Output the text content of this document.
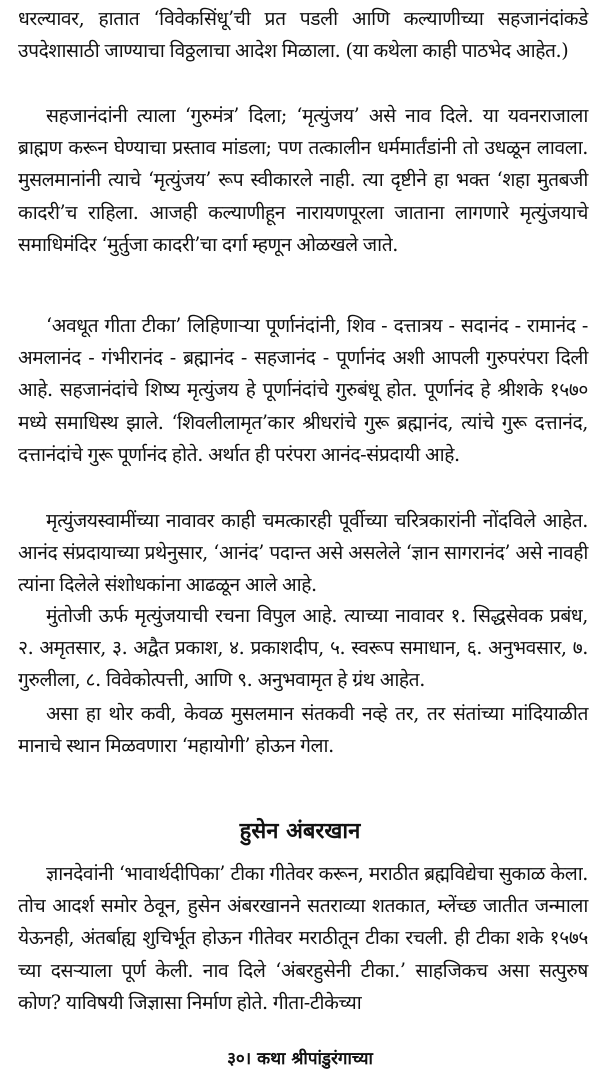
धरल्यावर, हातात ‘विवेकसिंधू’ची प्रत पडली आणि कल्याणीच्या सहजानंदांकडे उपदेशासाठी जाण्याचा विठ्ठलाचा आदेश मिळाला. (या कथेला काही पाठभेद आहेत.)

सहजानंदांनी त्याला ‘गुरुमंत्र’ दिला; ‘मृत्युंजय’ असे नाव दिले. या यवनराजाला ब्राह्मण करून घेण्याचा प्रस्ताव मांडला; पण तत्कालीन धर्ममार्तंडांनी तो उधळून लावला. मुसलमानांनी त्याचे ‘मृत्युंजय’ रूप स्वीकारले नाही. त्या दृष्टीने हा भक्त ‘शहा मुतबजी कादरी’च राहिला. आजही कल्याणीहून नारायणपूरला जाताना लागणारे मृत्युंजयाचे समाधिमंदिर ‘मुर्तुजा कादरी’चा दर्गा म्हणून ओळखले जाते.

‘अवधूत गीता टीका’ लिहिणाऱ्या पूर्णानंदांनी, शिव - दत्तात्रय - सदानंद - रामानंद - अमलानंद - गंभीरानंद - ब्रह्मानंद - सहजानंद - पूर्णानंद अशी आपली गुरुपरंपरा दिली आहे. सहजानंदांचे शिष्य मृत्युंजय हे पूर्णानंदांचे गुरुबंधू होत. पूर्णानंद हे श्रीशके १५७० मध्ये समाधिस्थ झाले. ‘शिवलीलामृत’कार श्रीधरांचे गुरू ब्रह्मानंद, त्यांचे गुरू दत्तानंद, दत्तानंदांचे गुरू पूर्णानंद होते. अर्थात ही परंपरा आनंद-संप्रदायी आहे.

मृत्युंजयस्वामींच्या नावावर काही चमत्कारही पूर्वीच्या चरित्रकारांनी नोंदविले आहेत. आनंद संप्रदायाच्या प्रथेनुसार, ‘आनंद’ पदान्त असे असलेले ‘ज्ञान सागरानंद’ असे नावही त्यांना दिलेले संशोधकांना आढळून आले आहे.

मुंतोजी ऊर्फ मृत्युंजयाची रचना विपुल आहे. त्याच्या नावावर १. सिद्धसेवक प्रबंध, २. अमृतसार, ३. अद्वैत प्रकाश, ४. प्रकाशदीप, ५. स्वरूप समाधान, ६. अनुभवसार, ७. गुरुलीला, ८. विवेकोत्पत्ती, आणि ९. अनुभवामृत हे ग्रंथ आहेत.

असा हा थोर कवी, केवळ मुसलमान संतकवी नव्हे तर, तर संतांच्या मांदियाळीत मानाचे स्थान मिळवणारा ‘महायोगी’ होऊन गेला.

हुसेन अंबरखान

ज्ञानदेवांनी ‘भावार्थदीपिका’ टीका गीतेवर करून, मराठीत ब्रह्मविद्येचा सुकाळ केला. तोच आदर्श समोर ठेवून, हुसेन अंबरखानने सतराव्या शतकात, म्लेंच्छ जातीत जन्माला येऊनही, अंतर्बाह्य शुचिर्भूत होऊन गीतेवर मराठीतून टीका रचली. ही टीका शके १५७५ च्या दसऱ्याला पूर्ण केली. नाव दिले ‘अंबरहुसेनी टीका.’ साहजिकच असा सत्पुरुष कोण? याविषयी जिज्ञासा निर्माण होते. गीता-टीकेच्या

३०। कथा श्रीपांडुरंगाच्या
